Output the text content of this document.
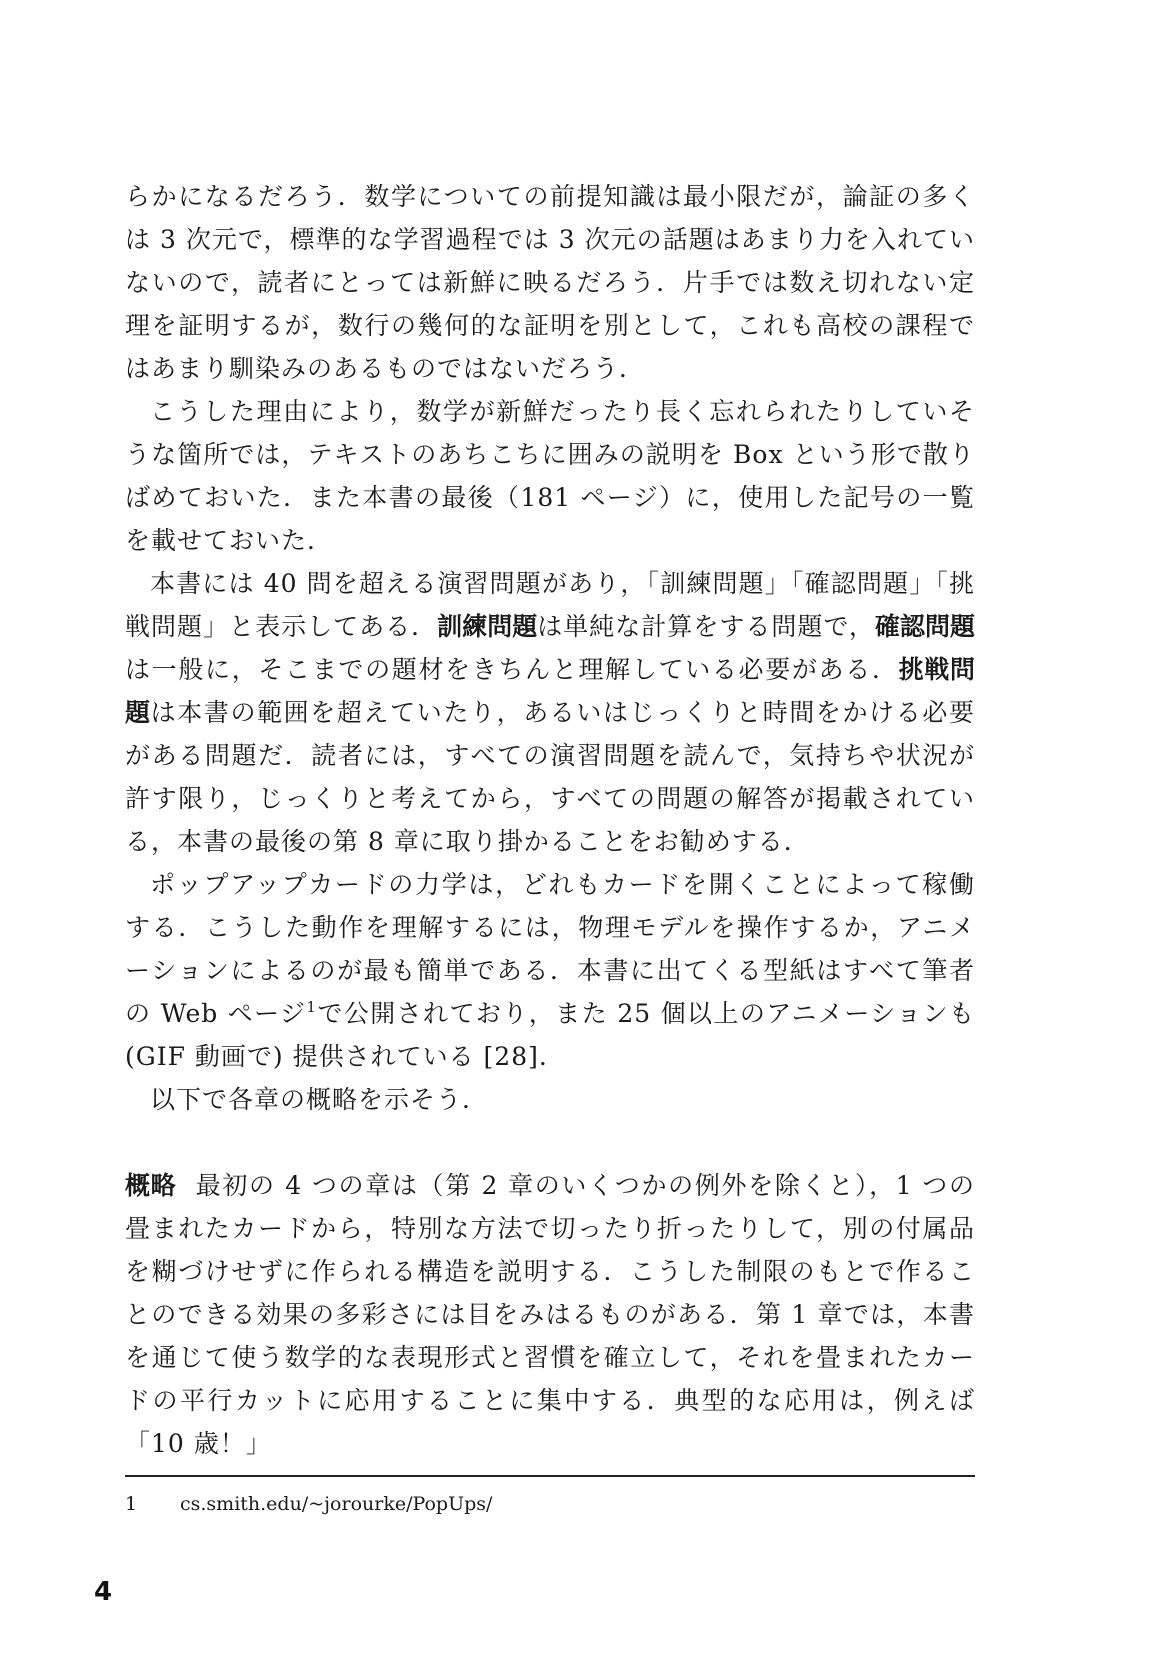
らかになるだろう．数学についての前提知識は最小限だが，論証の多くは 3 次元で，標準的な学習過程では 3 次元の話題はあまり力を入れていないので，読者にとっては新鮮に映るだろう．片手では数え切れない定理を証明するが，数行の幾何的な証明を別として，これも高校の課程ではあまり馴染みのあるものではないだろう．

こうした理由により，数学が新鮮だったり長く忘れられたりしていそうな箇所では，テキストのあちこちに囲みの説明を Box という形で散りばめておいた．また本書の最後（181 ページ）に，使用した記号の一覧を載せておいた．

本書には 40 問を超える演習問題があり，「訓練問題」「確認問題」「挑戦問題」と表示してある．訓練問題は単純な計算をする問題で，確認問題は一般に，そこまでの題材をきちんと理解している必要がある．挑戦問題は本書の範囲を超えていたり，あるいはじっくりと時間をかける必要がある問題だ．読者には，すべての演習問題を読んで，気持ちや状況が許す限り，じっくりと考えてから，すべての問題の解答が掲載されている，本書の最後の第 8 章に取り掛かることをお勧めする．

ポップアップカードの力学は，どれもカードを開くことによって稼働する．こうした動作を理解するには，物理モデルを操作するか，アニメーションによるのが最も簡単である．本書に出てくる型紙はすべて筆者の Web ページ$^1$で公開されており，また 25 個以上のアニメーションも (GIF 動画で) 提供されている [28].

以下で各章の概略を示そう．

概略 最初の 4 つの章は（第 2 章のいくつかの例外を除くと），1 つの畳まれたカードから，特別な方法で切ったり折ったりして，別の付属品を糊づけせずに作られる構造を説明する．こうした制限のもとで作ることのできる効果の多彩さには目をみはるものがある．第 1 章では，本書を通じて使う数学的な表現形式と習慣を確立して，それを畳まれたカードの平行カットに応用することに集中する．典型的な応用は，例えば「10 歳！」

1 cs.smith.edu/~jorourke/PopUps/
4
